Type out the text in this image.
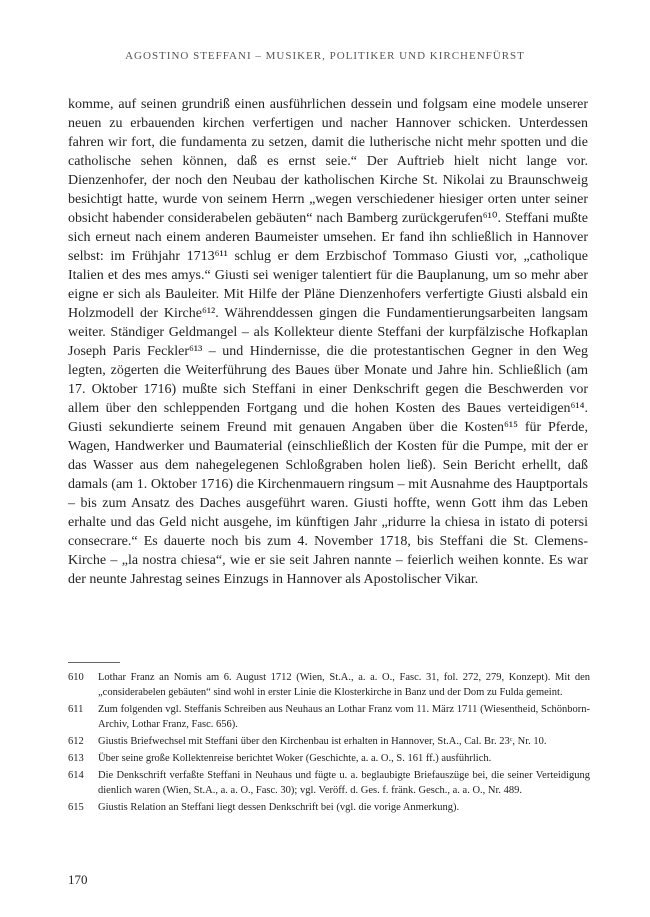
AGOSTINO STEFFANI – MUSIKER, POLITIKER UND KIRCHENFÜRST
komme, auf seinen grundriß einen ausführlichen dessein und folgsam eine modele unserer neuen zu erbauenden kirchen verfertigen und nacher Hannover schicken. Unterdessen fahren wir fort, die fundamenta zu setzen, damit die lutherische nicht mehr spotten und die catholische sehen können, daß es ernst seie.“ Der Auftrieb hielt nicht lange vor. Dienzenhofer, der noch den Neubau der katholischen Kirche St. Nikolai zu Braunschweig besichtigt hatte, wurde von seinem Herrn „wegen verschiedener hiesiger orten unter seiner obsicht habender considerabelen gebäuten“ nach Bamberg zurückgerufen⁶¹⁰. Steffani mußte sich erneut nach einem anderen Baumeister umsehen. Er fand ihn schließlich in Hannover selbst: im Frühjahr 1713⁶¹¹ schlug er dem Erzbischof Tommaso Giusti vor, „catholique Italien et des mes amys.“ Giusti sei weniger talentiert für die Bauplanung, um so mehr aber eigne er sich als Bauleiter. Mit Hilfe der Pläne Dienzenhofers verfertigte Giusti alsbald ein Holzmodell der Kirche⁶¹². Währenddessen gingen die Fundamentierungsarbeiten langsam weiter. Ständiger Geldmangel – als Kollekteur diente Steffani der kurpfälzische Hofkaplan Joseph Paris Feckler⁶¹³ – und Hindernisse, die die protestantischen Gegner in den Weg legten, zögerten die Weiterführung des Baues über Monate und Jahre hin. Schließlich (am 17. Oktober 1716) mußte sich Steffani in einer Denkschrift gegen die Beschwerden vor allem über den schleppenden Fortgang und die hohen Kosten des Baues verteidigen⁶¹⁴. Giusti sekundierte seinem Freund mit genauen Angaben über die Kosten⁶¹⁵ für Pferde, Wagen, Handwerker und Baumaterial (einschließlich der Kosten für die Pumpe, mit der er das Wasser aus dem nahegelegenen Schloßgraben holen ließ). Sein Bericht erhellt, daß damals (am 1. Oktober 1716) die Kirchenmauern ringsum – mit Ausnahme des Hauptportals – bis zum Ansatz des Daches ausgeführt waren. Giusti hoffte, wenn Gott ihm das Leben erhalte und das Geld nicht ausgehe, im künftigen Jahr „ridurre la chiesa in istato di potersi consecrare.“ Es dauerte noch bis zum 4. November 1718, bis Steffani die St. Clemens-Kirche – „la nostra chiesa“, wie er sie seit Jahren nannte – feierlich weihen konnte. Es war der neunte Jahrestag seines Einzugs in Hannover als Apostolischer Vikar.
610 Lothar Franz an Nomis am 6. August 1712 (Wien, St.A., a. a. O., Fasc. 31, fol. 272, 279, Konzept). Mit den „considerabelen gebäuten“ sind wohl in erster Linie die Klosterkirche in Banz und der Dom zu Fulda gemeint.
611 Zum folgenden vgl. Steffanis Schreiben aus Neuhaus an Lothar Franz vom 11. März 1711 (Wiesentheid, Schönborn-Archiv, Lothar Franz, Fasc. 656).
612 Giustis Briefwechsel mit Steffani über den Kirchenbau ist erhalten in Hannover, St.A., Cal. Br. 23ᶜ, Nr. 10.
613 Über seine große Kollektenreise berichtet Woker (Geschichte, a. a. O., S. 161 ff.) ausführlich.
614 Die Denkschrift verfaßte Steffani in Neuhaus und fügte u. a. beglaubigte Briefauszüge bei, die seiner Verteidigung dienlich waren (Wien, St.A., a. a. O., Fasc. 30); vgl. Veröff. d. Ges. f. fränk. Gesch., a. a. O., Nr. 489.
615 Giustis Relation an Steffani liegt dessen Denkschrift bei (vgl. die vorige Anmerkung).
170
